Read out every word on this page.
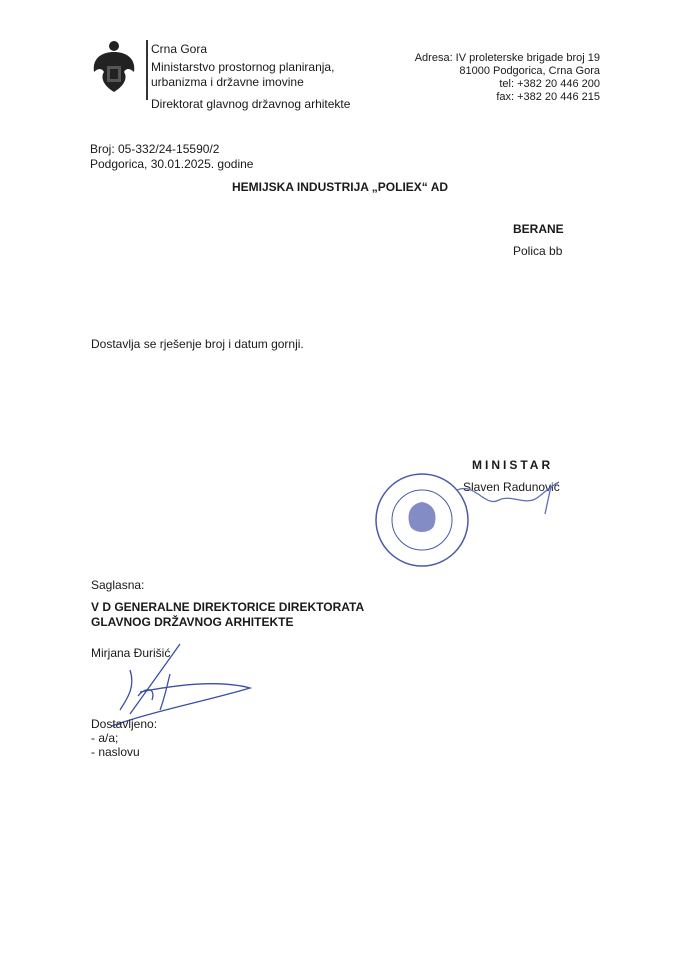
Crna Gora
Ministarstvo prostornog planiranja,
urbanizma i državne imovine
Direktorat glavnog državnog arhitekte
Adresa: IV proleterske brigade broj 19
81000 Podgorica, Crna Gora
tel: +382 20 446 200
fax: +382 20 446 215
Broj: 05-332/24-15590/2
Podgorica, 30.01.2025. godine
HEMIJSKA INDUSTRIJA „POLIEX“ AD
BERANE
Polica bb
Dostavlja se rješenje broj i datum gornji.
MINISTAR
Slaven Radunović
Saglasna:
V D GENERALNE DIREKTORICE DIREKTORATA
GLAVNOG DRŽAVNOG ARHITEKTE
Mirjana Đurišić
Dostavljeno:
- a/a;
- naslovu
